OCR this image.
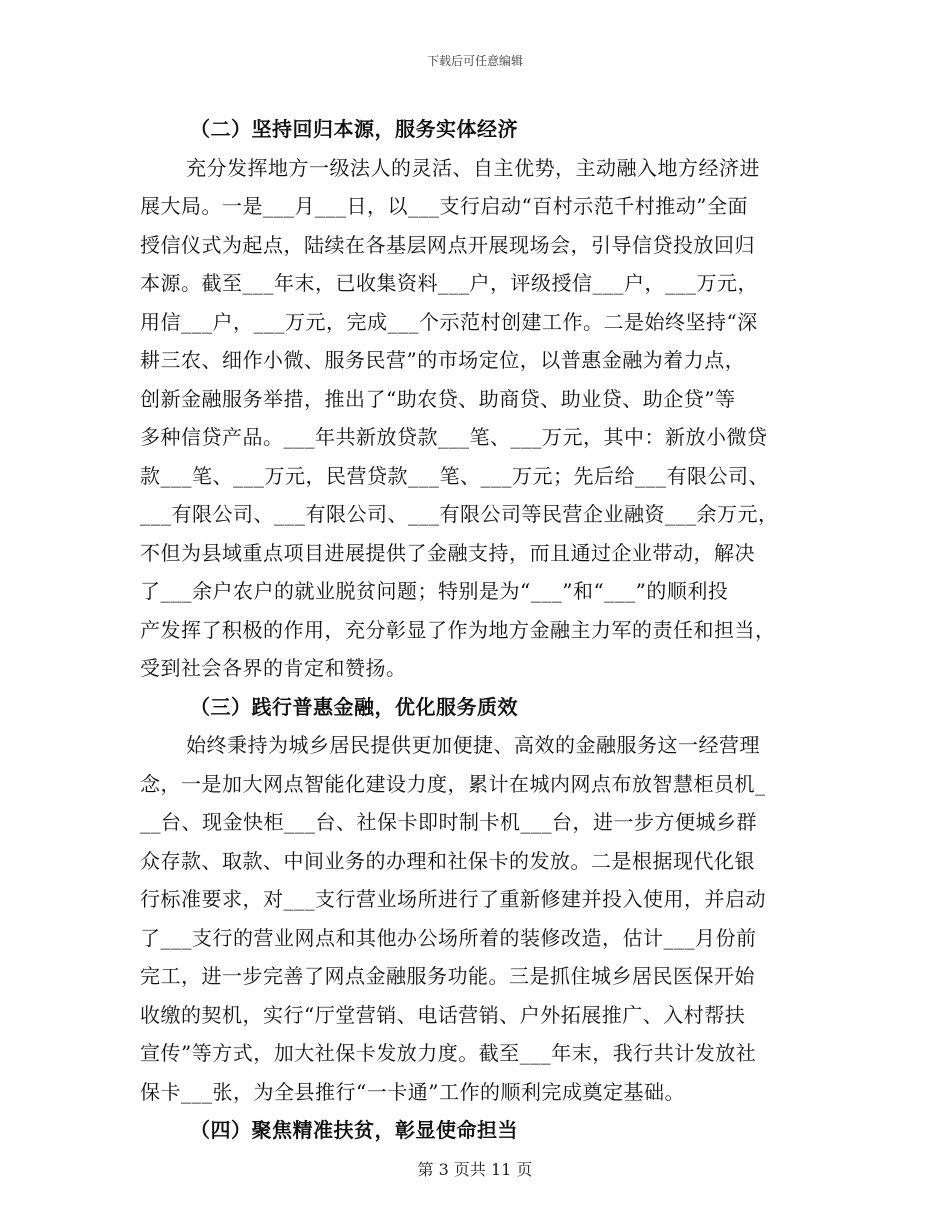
下载后可任意编辑
（二）坚持回归本源，服务实体经济
充分发挥地方一级法人的灵活、自主优势，主动融入地方经济进
展大局。一是___月___日，以___支行启动“百村示范千村推动”全面
授信仪式为起点，陆续在各基层网点开展现场会，引导信贷投放回归
本源。截至___年末，已收集资料___户，评级授信___户，___万元，
用信___户，___万元，完成___个示范村创建工作。二是始终坚持“深
耕三农、细作小微、服务民营”的市场定位，以普惠金融为着力点，
创新金融服务举措，推出了“助农贷、助商贷、助业贷、助企贷”等
多种信贷产品。___年共新放贷款___笔、___万元，其中：新放小微贷
款___笔、___万元，民营贷款___笔、___万元；先后给___有限公司、
___有限公司、___有限公司、___有限公司等民营企业融资___余万元，
不但为县域重点项目进展提供了金融支持，而且通过企业带动，解决
了___余户农户的就业脱贫问题；特别是为“___”和“___”的顺利投
产发挥了积极的作用，充分彰显了作为地方金融主力军的责任和担当，
受到社会各界的肯定和赞扬。
（三）践行普惠金融，优化服务质效
始终秉持为城乡居民提供更加便捷、高效的金融服务这一经营理
念，一是加大网点智能化建设力度，累计在城内网点布放智慧柜员机_
__台、现金快柜___台、社保卡即时制卡机___台，进一步方便城乡群
众存款、取款、中间业务的办理和社保卡的发放。二是根据现代化银
行标准要求，对___支行营业场所进行了重新修建并投入使用，并启动
了___支行的营业网点和其他办公场所着的装修改造，估计___月份前
完工，进一步完善了网点金融服务功能。三是抓住城乡居民医保开始
收缴的契机，实行“厅堂营销、电话营销、户外拓展推广、入村帮扶
宣传”等方式，加大社保卡发放力度。截至___年末，我行共计发放社
保卡___张，为全县推行“一卡通”工作的顺利完成奠定基础。
（四）聚焦精准扶贫，彰显使命担当
第 3 页共 11 页
